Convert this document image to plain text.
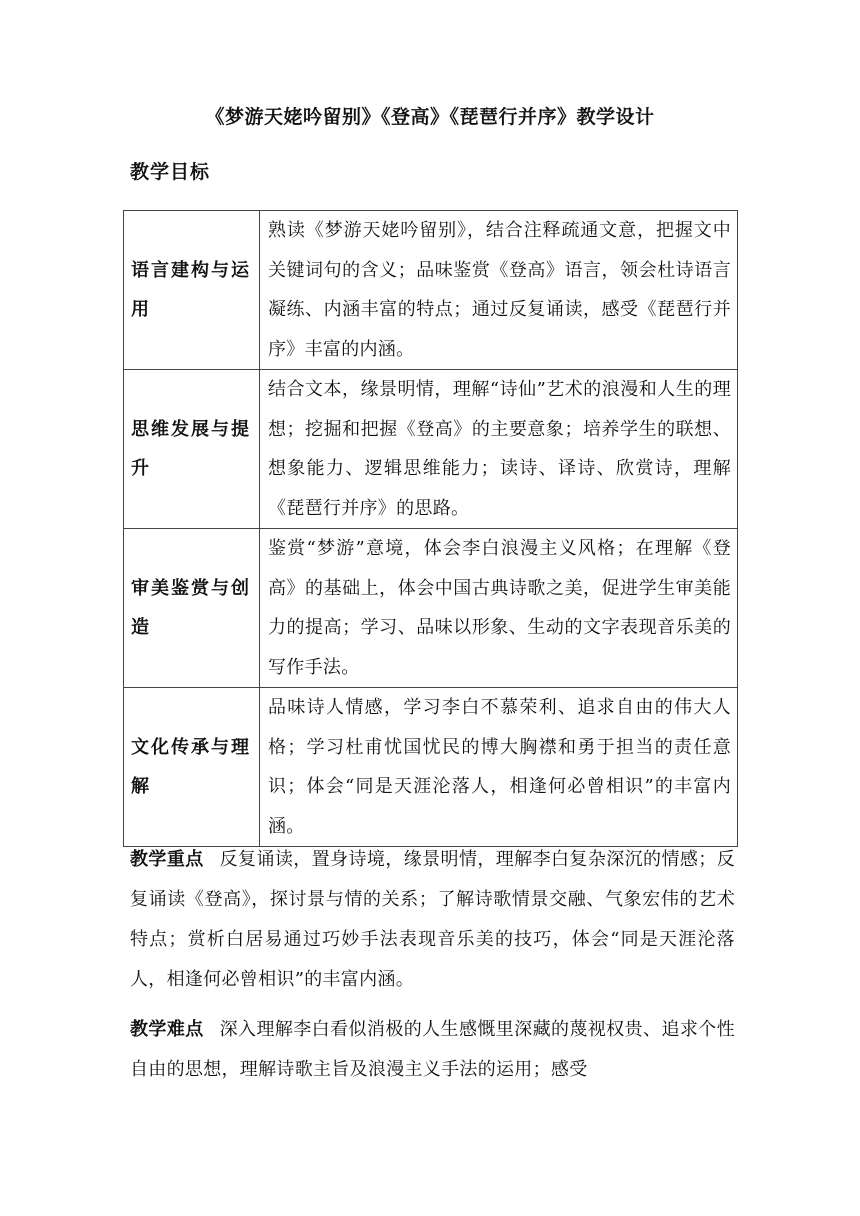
《梦游天姥吟留别》《登高》《琵琶行并序》教学设计
教学目标
语言建构与运用	熟读《梦游天姥吟留别》，结合注释疏通文意，把握文中关键词句的含义；品味鉴赏《登高》语言，领会杜诗语言凝练、内涵丰富的特点；通过反复诵读，感受《琵琶行并序》丰富的内涵。
思维发展与提升	结合文本，缘景明情，理解“诗仙”艺术的浪漫和人生的理想；挖掘和把握《登高》的主要意象；培养学生的联想、想象能力、逻辑思维能力；读诗、译诗、欣赏诗，理解《琵琶行并序》的思路。
审美鉴赏与创造	鉴赏“梦游”意境，体会李白浪漫主义风格；在理解《登高》的基础上，体会中国古典诗歌之美，促进学生审美能力的提高；学习、品味以形象、生动的文字表现音乐美的写作手法。
文化传承与理解	品味诗人情感，学习李白不慕荣利、追求自由的伟大人格；学习杜甫忧国忧民的博大胸襟和勇于担当的责任意识；体会“同是天涯沦落人，相逢何必曾相识”的丰富内涵。
教学重点 反复诵读，置身诗境，缘景明情，理解李白复杂深沉的情感；反复诵读《登高》，探讨景与情的关系；了解诗歌情景交融、气象宏伟的艺术特点；赏析白居易通过巧妙手法表现音乐美的技巧，体会“同是天涯沦落人，相逢何必曾相识”的丰富内涵。
教学难点 深入理解李白看似消极的人生感慨里深藏的蔑视权贵、追求个性自由的思想，理解诗歌主旨及浪漫主义手法的运用；感受
